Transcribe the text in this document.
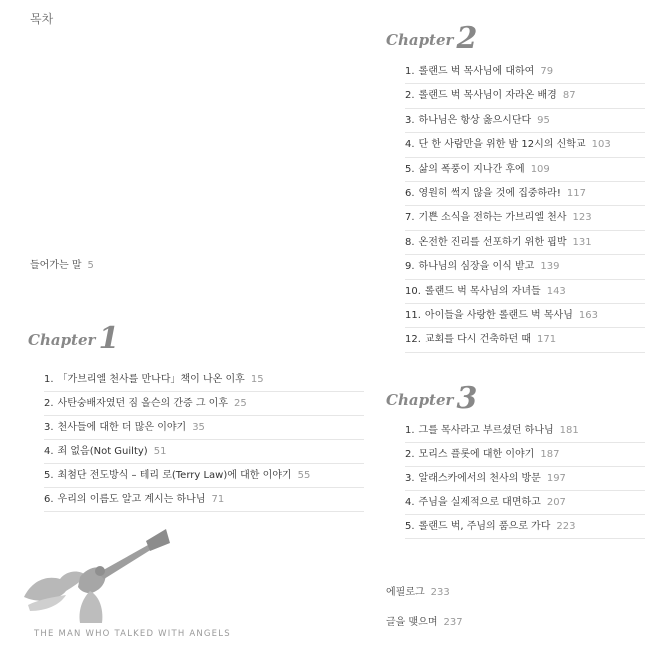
목차
들어가는 말 5
Chapter 1
1. 「가브리엘 천사를 만나다」책이 나온 이후 15
2. 사탄숭배자였던 짐 올슨의 간증 그 이후 25
3. 천사들에 대한 더 많은 이야기 35
4. 죄 없음(Not Guilty) 51
5. 최첨단 전도방식 – 테리 로(Terry Law)에 대한 이야기 55
6. 우리의 이름도 알고 계시는 하나님 71
Chapter 2
1. 롤랜드 벅 목사님에 대하여 79
2. 롤랜드 벅 목사님이 자라온 배경 87
3. 하나님은 항상 옳으시단다 95
4. 단 한 사람만을 위한 밤 12시의 신학교 103
5. 삶의 폭풍이 지나간 후에 109
6. 영원히 썩지 않을 것에 집중하라! 117
7. 기쁜 소식을 전하는 가브리엘 천사 123
8. 온전한 진리를 선포하기 위한 핍박 131
9. 하나님의 심장을 이식 받고 139
10. 롤랜드 벅 목사님의 자녀들 143
11. 아이들을 사랑한 롤랜드 벅 목사님 163
12. 교회를 다시 건축하던 때 171
Chapter 3
1. 그를 목사라고 부르셨던 하나님 181
2. 모리스 플롯에 대한 이야기 187
3. 알래스카에서의 천사의 방문 197
4. 주님을 실제적으로 대면하고 207
5. 롤랜드 벅, 주님의 품으로 가다 223
에필로그 233
글을 맺으며 237
THE MAN WHO TALKED WITH ANGELS
